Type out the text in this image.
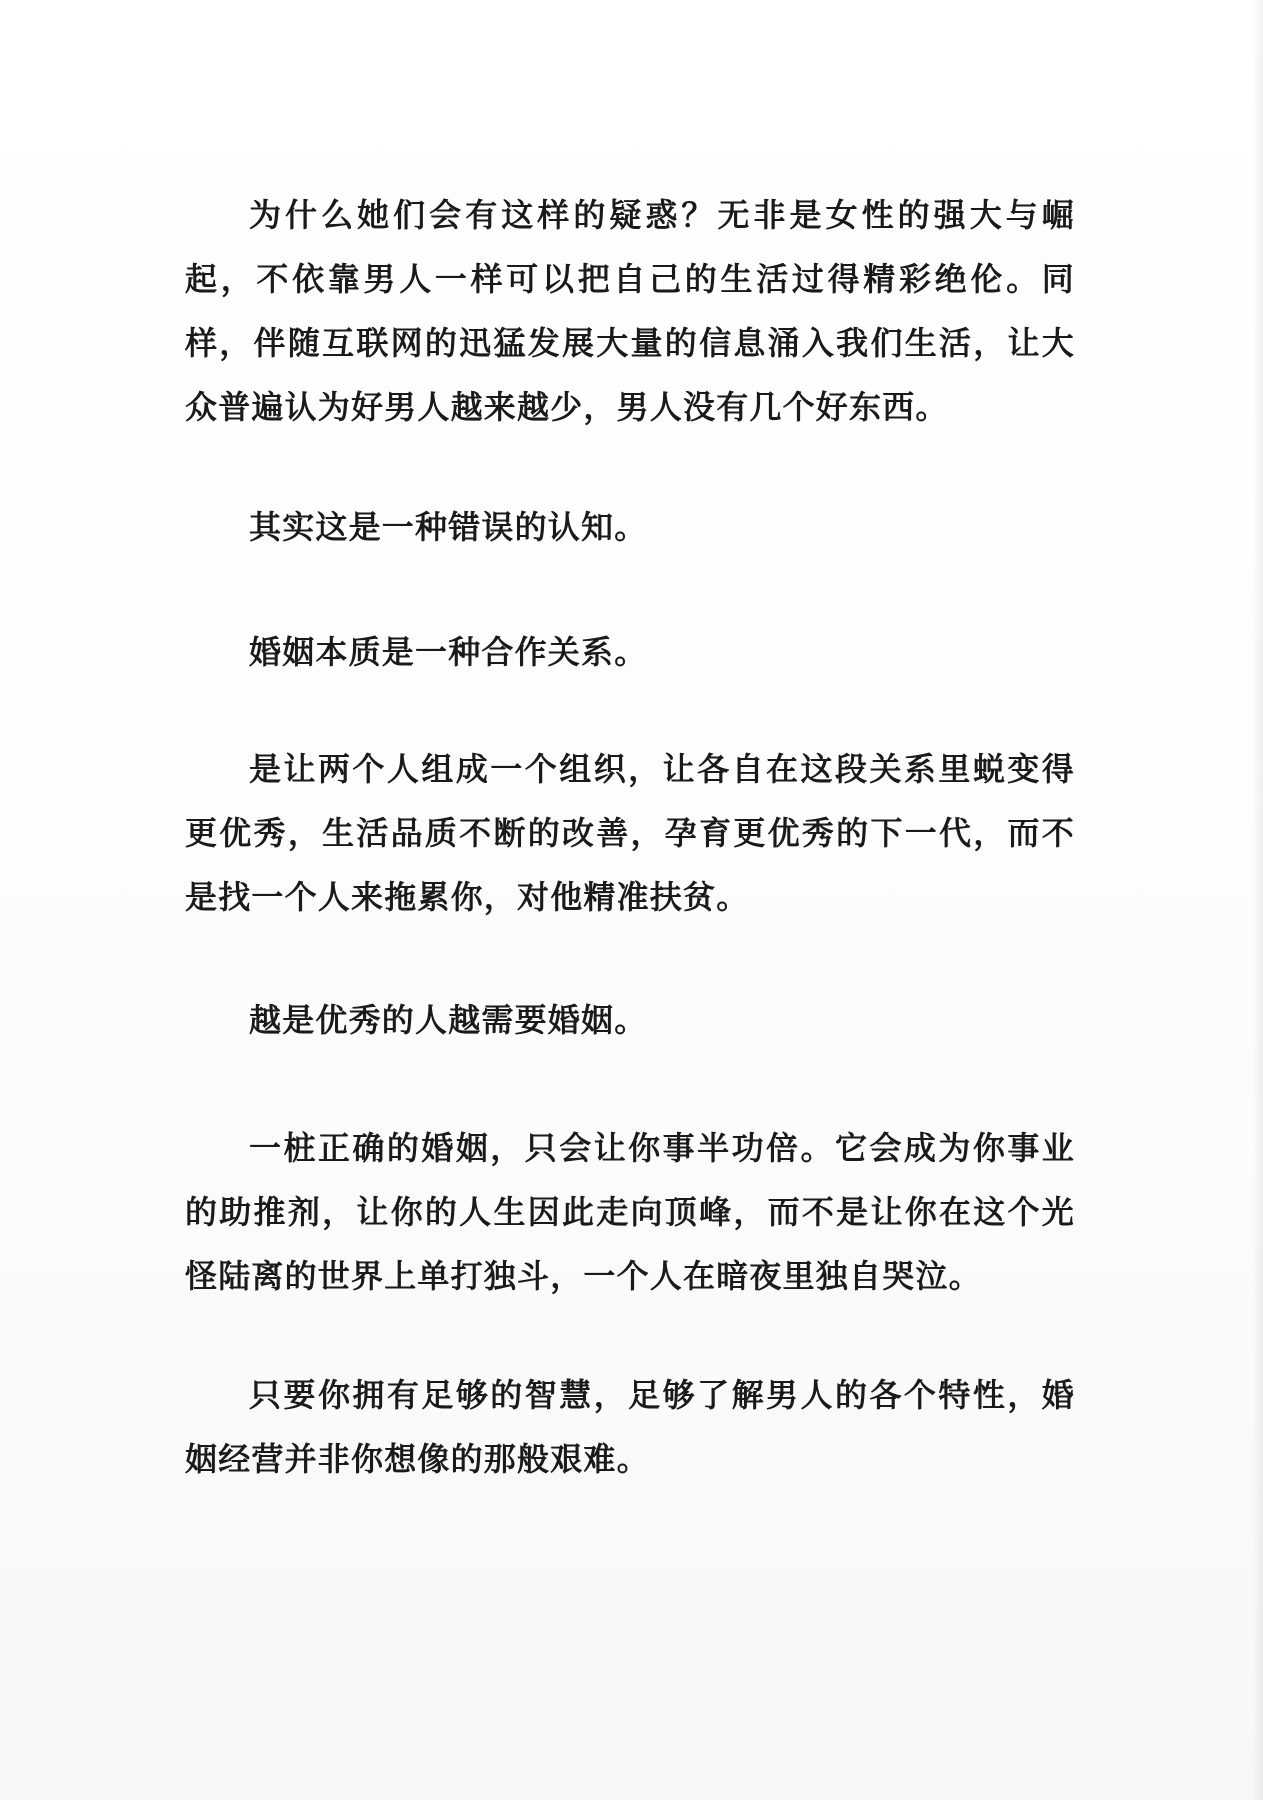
为什么她们会有这样的疑惑？无非是女性的强大与崛起，不依靠男人一样可以把自己的生活过得精彩绝伦。同样，伴随互联网的迅猛发展大量的信息涌入我们生活，让大众普遍认为好男人越来越少，男人没有几个好东西。

其实这是一种错误的认知。

婚姻本质是一种合作关系。

是让两个人组成一个组织，让各自在这段关系里蜕变得更优秀，生活品质不断的改善，孕育更优秀的下一代，而不是找一个人来拖累你，对他精准扶贫。

越是优秀的人越需要婚姻。

一桩正确的婚姻，只会让你事半功倍。它会成为你事业的助推剂，让你的人生因此走向顶峰，而不是让你在这个光怪陆离的世界上单打独斗，一个人在暗夜里独自哭泣。

只要你拥有足够的智慧，足够了解男人的各个特性，婚姻经营并非你想像的那般艰难。
